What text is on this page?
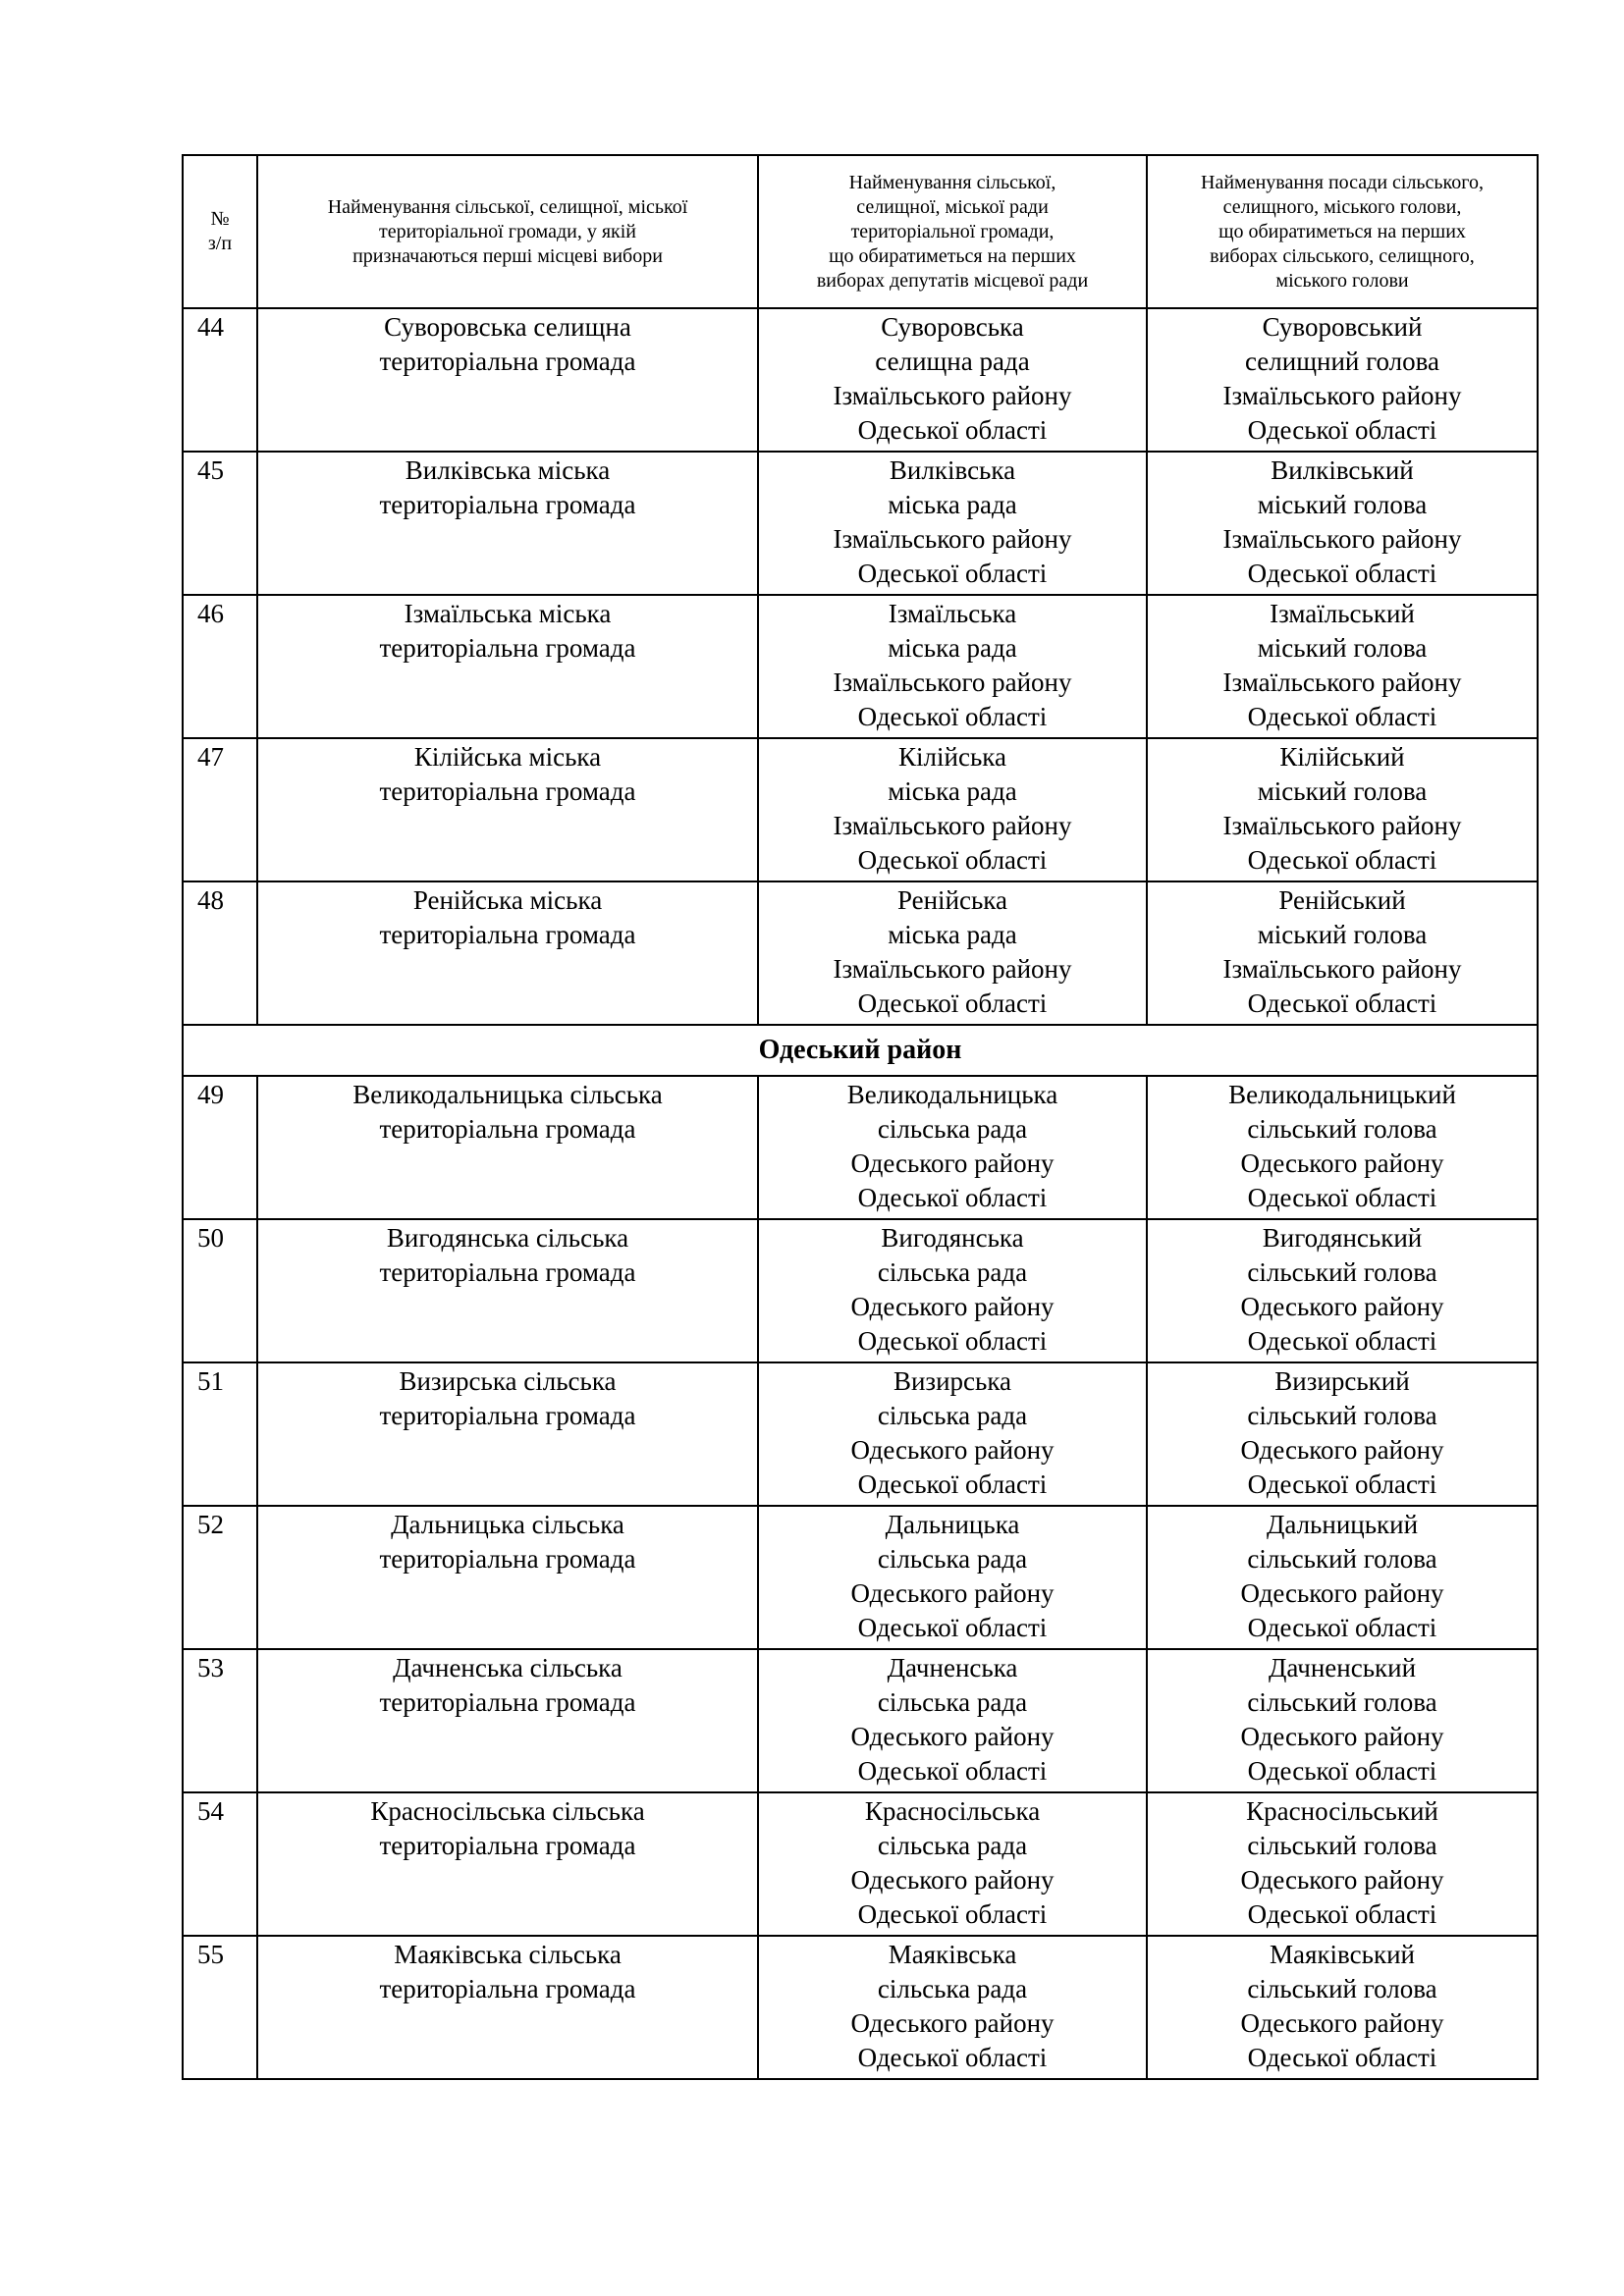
№
з/п	Найменування сільської, селищної, міської
територіальної громади, у якій
призначаються перші місцеві вибори	Найменування сільської,
селищної, міської ради
територіальної громади,
що обиратиметься на перших
виборах депутатів місцевої ради	Найменування посади сільського,
селищного, міського голови,
що обиратиметься на перших
виборах сільського, селищного,
міського голови

44	Суворовська селищна
територіальна громада	Суворовська
селищна рада
Ізмаїльського району
Одеської області	Суворовський
селищний голова
Ізмаїльського району
Одеської області

45	Вилківська міська
територіальна громада	Вилківська
міська рада
Ізмаїльського району
Одеської області	Вилківський
міський голова
Ізмаїльського району
Одеської області

46	Ізмаїльська міська
територіальна громада	Ізмаїльська
міська рада
Ізмаїльського району
Одеської області	Ізмаїльський
міський голова
Ізмаїльського району
Одеської області

47	Кілійська міська
територіальна громада	Кілійська
міська рада
Ізмаїльського району
Одеської області	Кілійський
міський голова
Ізмаїльського району
Одеської області

48	Ренійська міська
територіальна громада	Ренійська
міська рада
Ізмаїльського району
Одеської області	Ренійський
міський голова
Ізмаїльського району
Одеської області

Одеський район			
49	Великодальницька сільська
територіальна громада	Великодальницька
сільська рада
Одеського району
Одеської області	Великодальницький
сільський голова
Одеського району
Одеської області

50	Вигодянська сільська
територіальна громада	Вигодянська
сільська рада
Одеського району
Одеської області	Вигодянський
сільський голова
Одеського району
Одеської області

51	Визирська сільська
територіальна громада	Визирська
сільська рада
Одеського району
Одеської області	Визирський
сільський голова
Одеського району
Одеської області

52	Дальницька сільська
територіальна громада	Дальницька
сільська рада
Одеського району
Одеської області	Дальницький
сільський голова
Одеського району
Одеської області

53	Дачненська сільська
територіальна громада	Дачненська
сільська рада
Одеського району
Одеської області	Дачненський
сільський голова
Одеського району
Одеської області

54	Красносільська сільська
територіальна громада	Красносільська
сільська рада
Одеського району
Одеської області	Красносільський
сільський голова
Одеського району
Одеської області

55	Маяківська сільська
територіальна громада	Маяківська
сільська рада
Одеського району
Одеської області	Маяківський
сільський голова
Одеського району
Одеської області
